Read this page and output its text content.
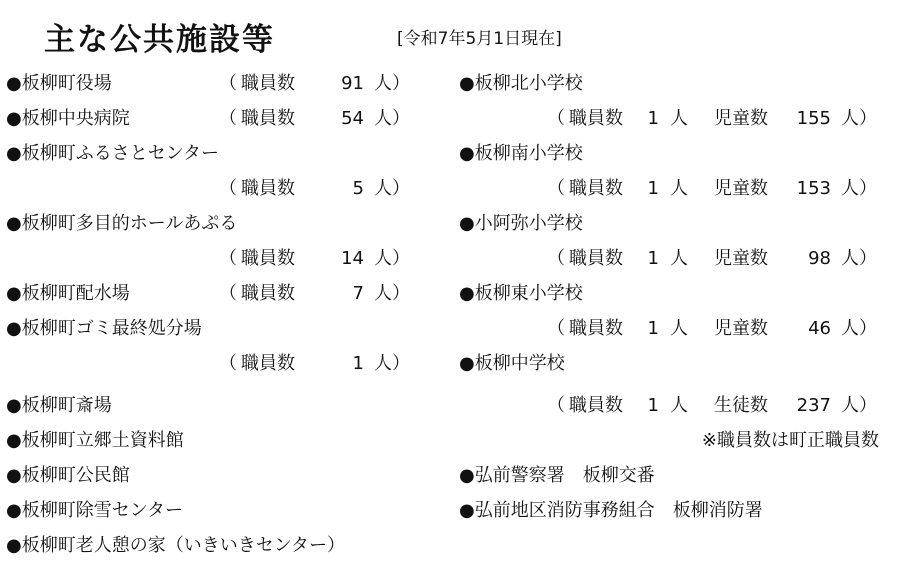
主な公共施設等	[令和7年5月1日現在]
●板柳町役場	（ 職員数	91 人）
●板柳中央病院	（ 職員数	54 人）
●板柳町ふるさとセンター
（ 職員数	5 人）
●板柳町多目的ホールあぷる
（ 職員数	14 人）
●板柳町配水場	（ 職員数	7 人）
●板柳町ゴミ最終処分場
（ 職員数	1 人）
●板柳町斎場
●板柳町立郷土資料館
●板柳町公民館
●板柳町除雪センター
●板柳町老人憩の家（いきいきセンター）
●板柳北小学校
（ 職員数	1 人 児童数	155 人）
●板柳南小学校
（ 職員数	1 人 児童数	153 人）
●小阿弥小学校
（ 職員数	1 人 児童数	98 人）
●板柳東小学校
（ 職員数	1 人 児童数	46 人）
●板柳中学校
（ 職員数	1 人 生徒数	237 人）
※職員数は町正職員数
●弘前警察署　板柳交番
●弘前地区消防事務組合　板柳消防署
